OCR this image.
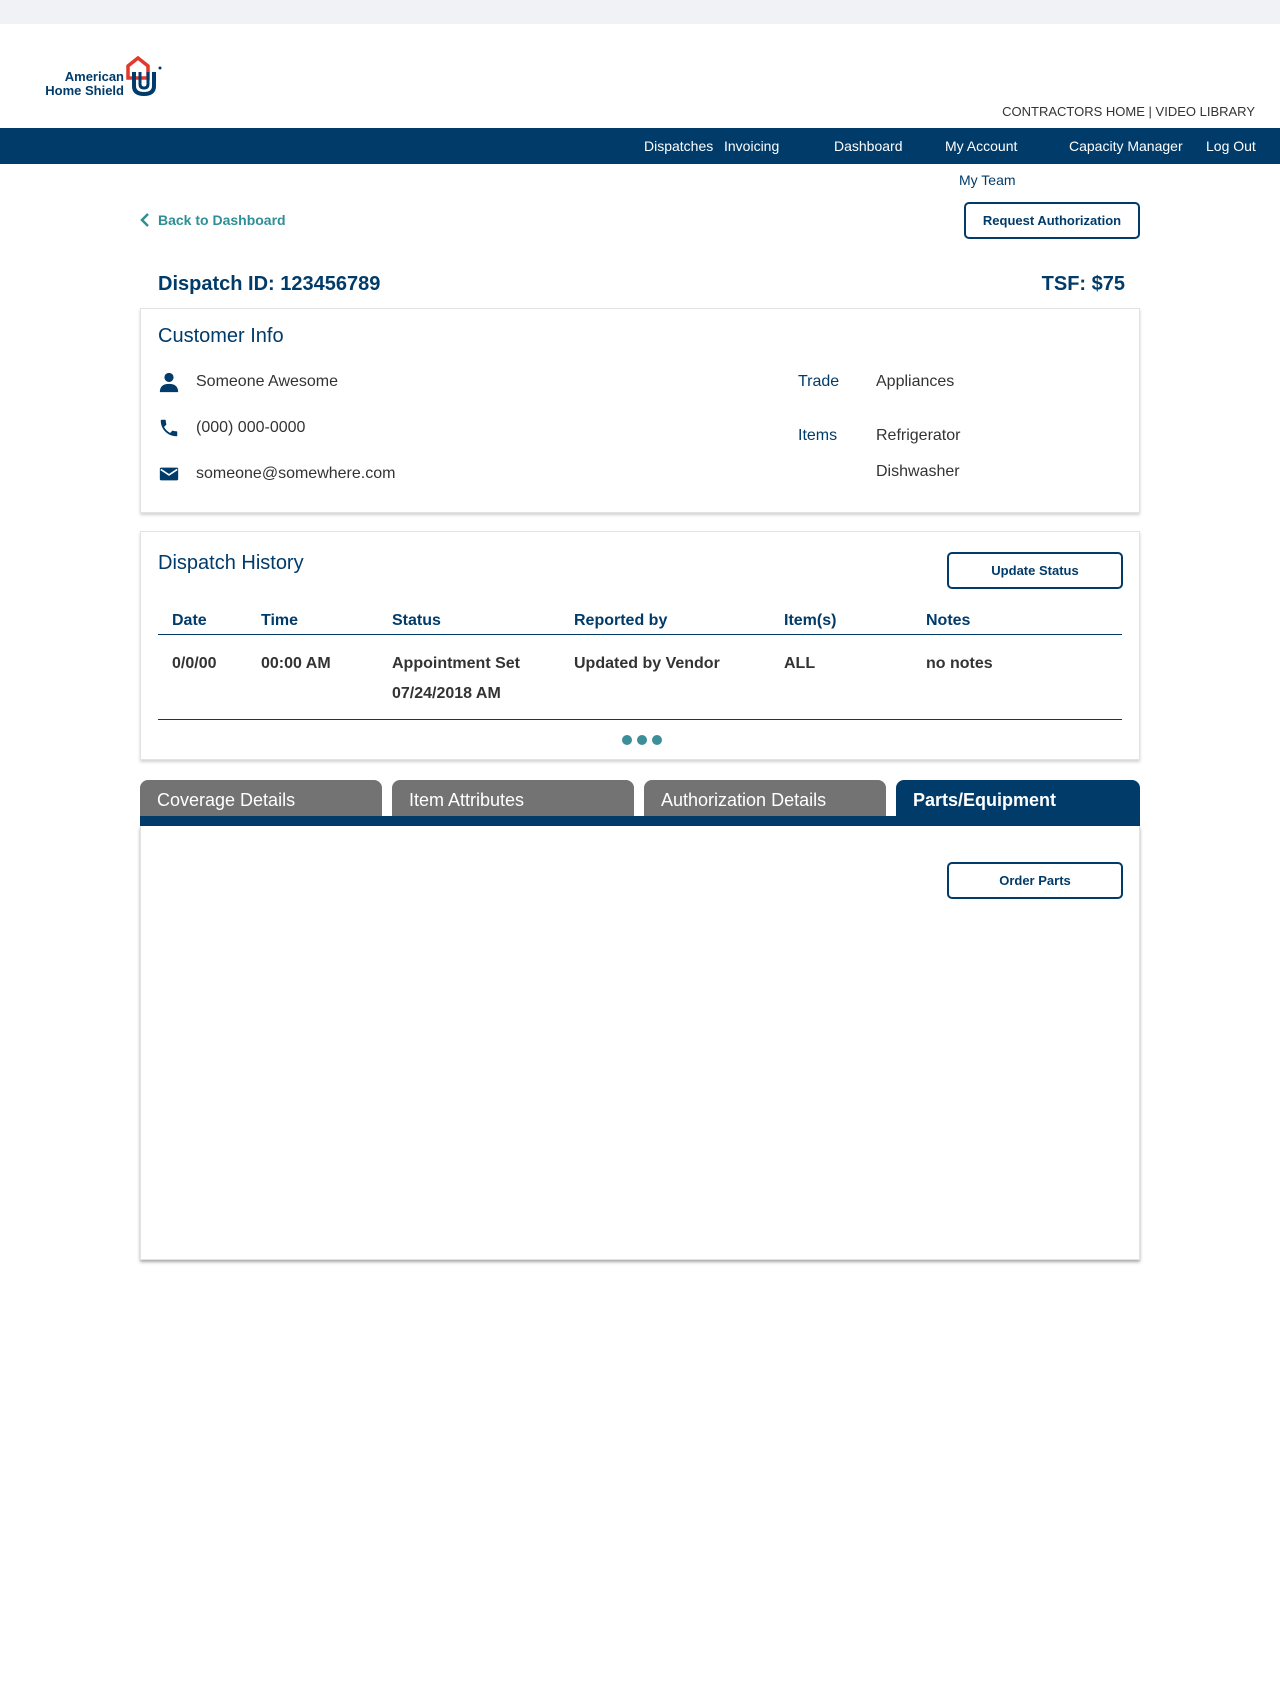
American
Home Shield
CONTRACTORS HOME | VIDEO LIBRARY
Dispatches Invoicing	Dashboard	My Account	Capacity Manager Log Out
My Team
Back to Dashboard	Request Authorization
Dispatch ID: 123456789	TSF: $75
Customer Info
Someone Awesome
(000) 000-0000
someone@somewhere.com
Trade Appliances
Items Refrigerator
Dishwasher
Dispatch History	Update Status
Date	Time	Status	Reported by	Item(s)	Notes
0/0/00	00:00 AM	Appointment Set
07/24/2018 AM
Updated by Vendor	ALL	no notes
Coverage Details	Item Attributes	Authorization Details	Parts/Equipment
Order Parts
